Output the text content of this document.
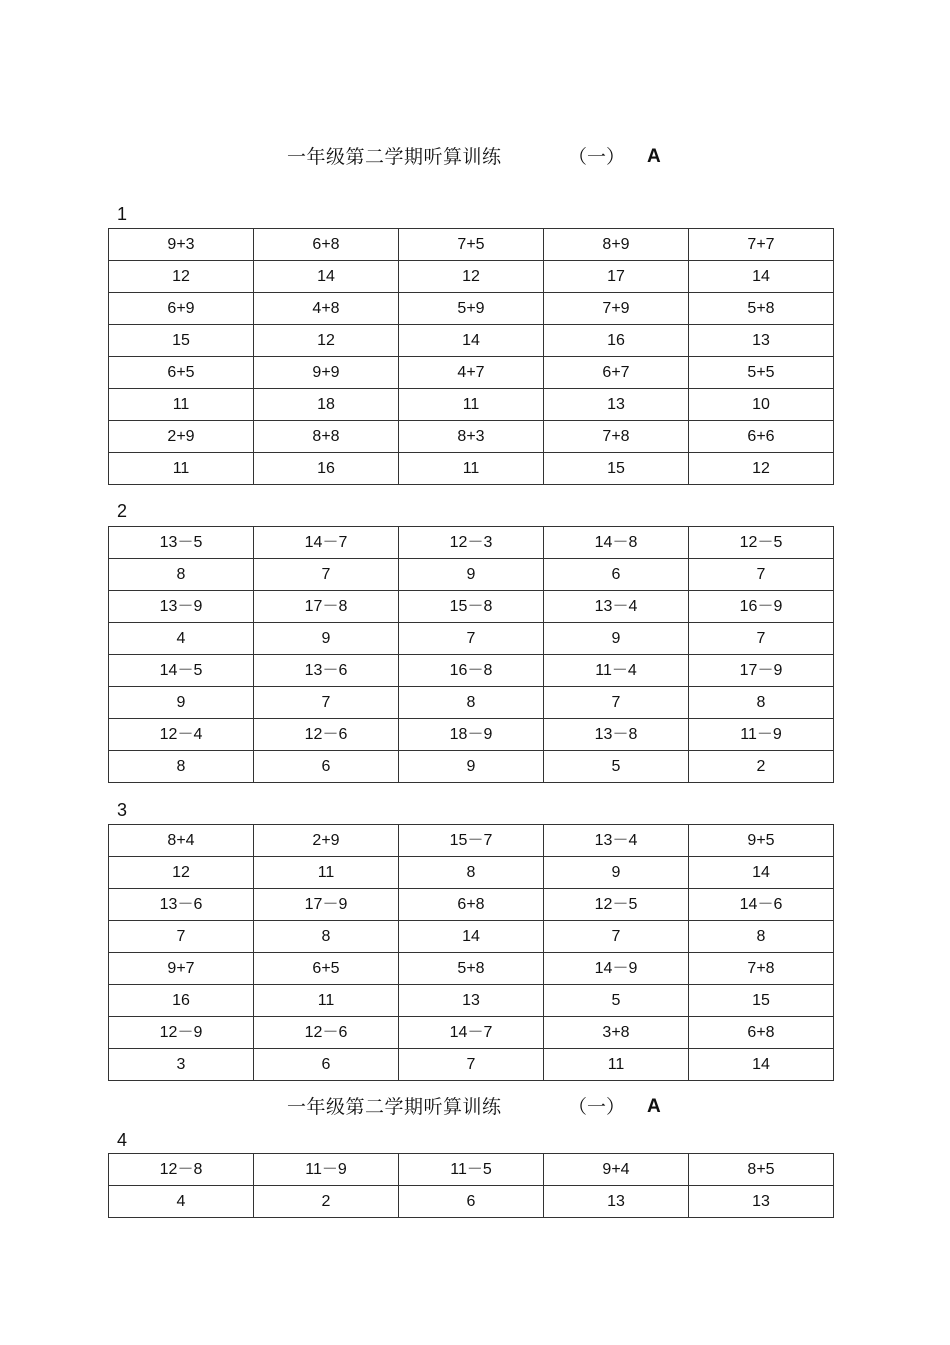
一年级第二学期听算训练	（一） A
1
9+3	6+8	7+5	8+9	7+7
12	14	12	17	14
6+9	4+8	5+9	7+9	5+8
15	12	14	16	13
6+5	9+9	4+7	6+7	5+5
11	18	11	13	10
2+9	8+8	8+3	7+8	6+6
11	16	11	15	12
2
13－5	14－7	12－3	14－8	12－5
8	7	9	6	7
13－9	17－8	15－8	13－4	16－9
4	9	7	9	7
14－5	13－6	16－8	11－4	17－9
9	7	8	7	8
12－4	12－6	18－9	13－8	11－9
8	6	9	5	2
3
8+4	2+9	15－7	13－4	9+5
12	11	8	9	14
13－6	17－9	6+8	12－5	14－6
7	8	14	7	8
9+7	6+5	5+8	14－9	7+8
16	11	13	5	15
12－9	12－6	14－7	3+8	6+8
3	6	7	11	14
一年级第二学期听算训练	（一） A
4
12－8	11－9	11－5	9+4	8+5
4	2	6	13	13
